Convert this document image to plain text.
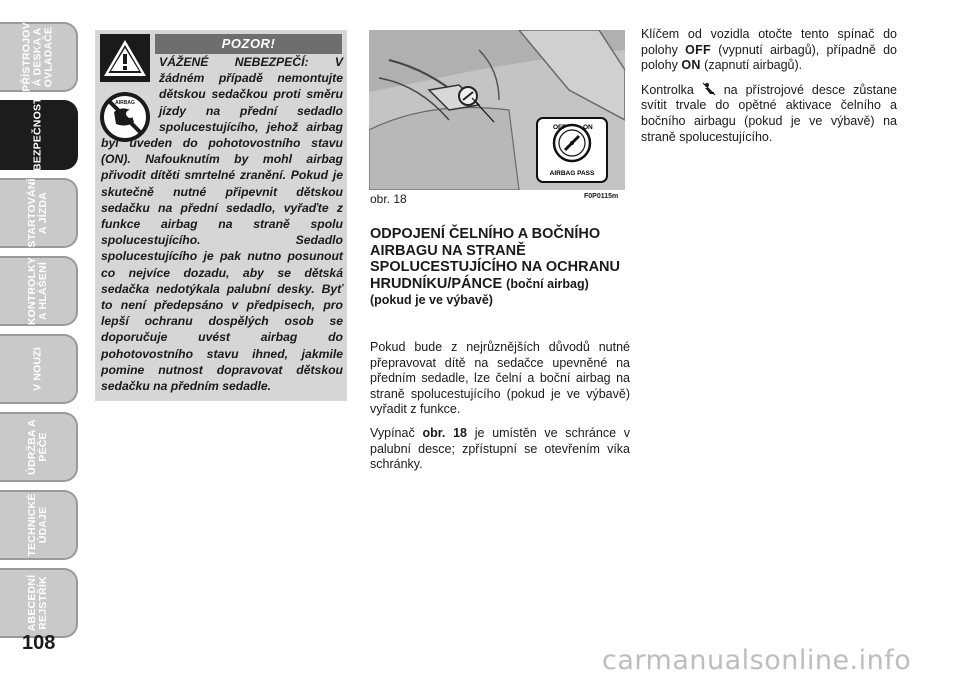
PŘÍSTROJOV
Á DESKA A
OVLADAČE
BEZPEČNOST
STARTOVÁNÍ
A JÍZDA
KONTROLKY
A HLÁŠENÍ
V NOUZI
ÚDRŽBA A
PÉČE
TECHNICKÉ
ÚDAJE
ABECEDNÍ
REJSTŘÍK
108
POZOR!
AIRBAG
VÁŽENÉ NEBEZPEČÍ: V žádném případě nemontujte dětskou sedačkou proti směru jízdy na přední sedadlo spolucestujícího, jehož airbag byl uveden do pohotovostního stavu (ON). Nafouknutím by mohl airbag přivodit dítěti smrtelné zranění. Pokud je skutečně nutné připevnit dětskou sedačku na přední sedadlo, vyřaďte z funkce airbag na straně spolu spolucestujícího. Sedadlo spolucestujícího je pak nutno posunout co nejvíce dozadu, aby se dětská sedačka nedotýkala palubní desky. Byť to není předepsáno v předpisech, pro lepší ochranu dospělých osob se doporučuje uvést airbag do pohotovostního stavu ihned, jakmile pomine nutnost dopravovat dětskou sedačku na předním sedadle.
OFF	ON
AIRBAG PASS
obr. 18	F0P0115m
ODPOJENÍ ČELNÍHO A BOČNÍHO AIRBAGU NA STRANĚ SPOLUCESTUJÍCÍHO NA OCHRANU HRUDNÍKU/PÁNCE (boční airbag) (pokud je ve výbavě)

Pokud bude z nejrůznějších důvodů nutné přepravovat dítě na sedačce upevněné na předním sedadle, lze čelní a boční airbag na straně spolucestujícího (pokud je ve výbavě) vyřadit z funkce.

Vypínač obr. 18 je umístěn ve schránce v palubní desce; zpřístupní se otevřením víka schránky.

Klíčem od vozidla otočte tento spínač do polohy OFF (vypnutí airbagů), případně do polohy ON (zapnutí airbagů).

Kontrolka na přístrojové desce zůstane svítit trvale do opětné aktivace čelního a bočního airbagu (pokud je ve výbavě) na straně spolucestujícího.

carmanualsonline.info
